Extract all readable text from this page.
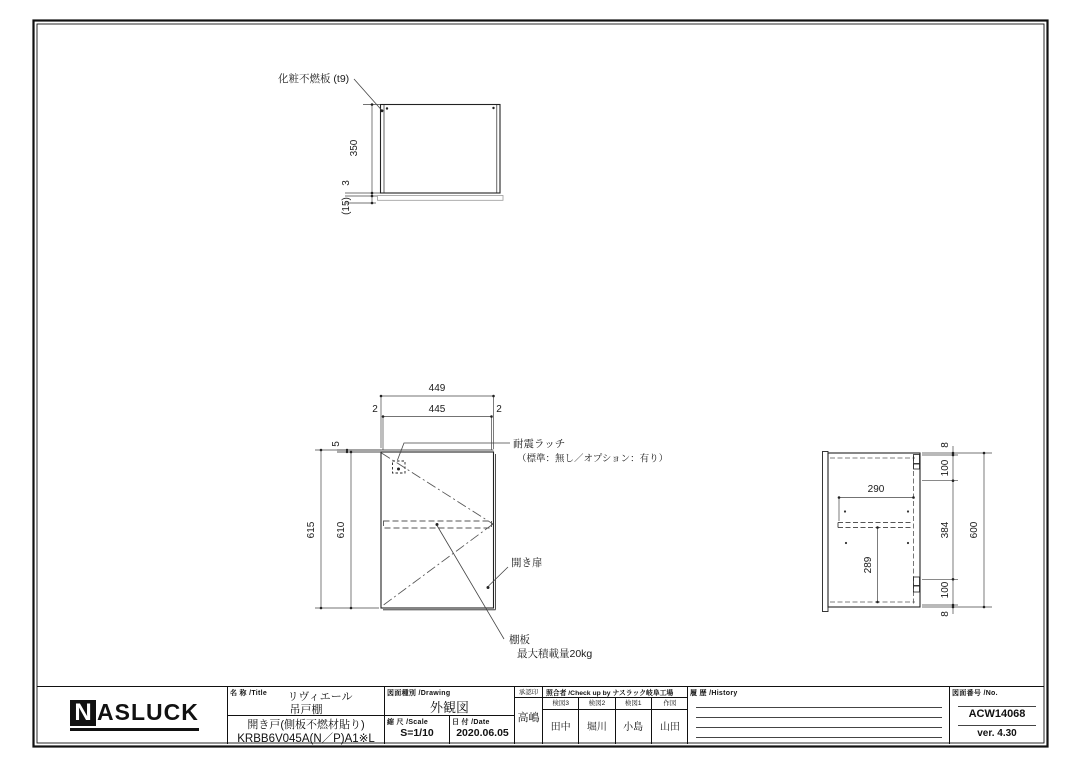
350
3
(15)
化粧不燃板 (t9)
449
445
2	2
5
615 610
耐震ラッチ
（標準：無し／オプション：有り）
開き扉
棚板
最大積載量20kg
290
289
8
100
384
100
8
600
N ASLUCK
名 称 /Title	リヴィエール
吊戸棚
開き戸(側板不燃材貼り)
KRBB6V045A(N／P)A1※L
図面種別 /Drawing
外観図
縮 尺 /Scale
S=1/10
日 付 /Date
2020.06.05
承認印
高嶋
照合者 /Check up by ナスラック岐阜工場
検図3
田中
検図2
堀川
検図1
小島
作図
山田
履 歴 /History	図面番号 /No.
ACW14068
ver. 4.30
